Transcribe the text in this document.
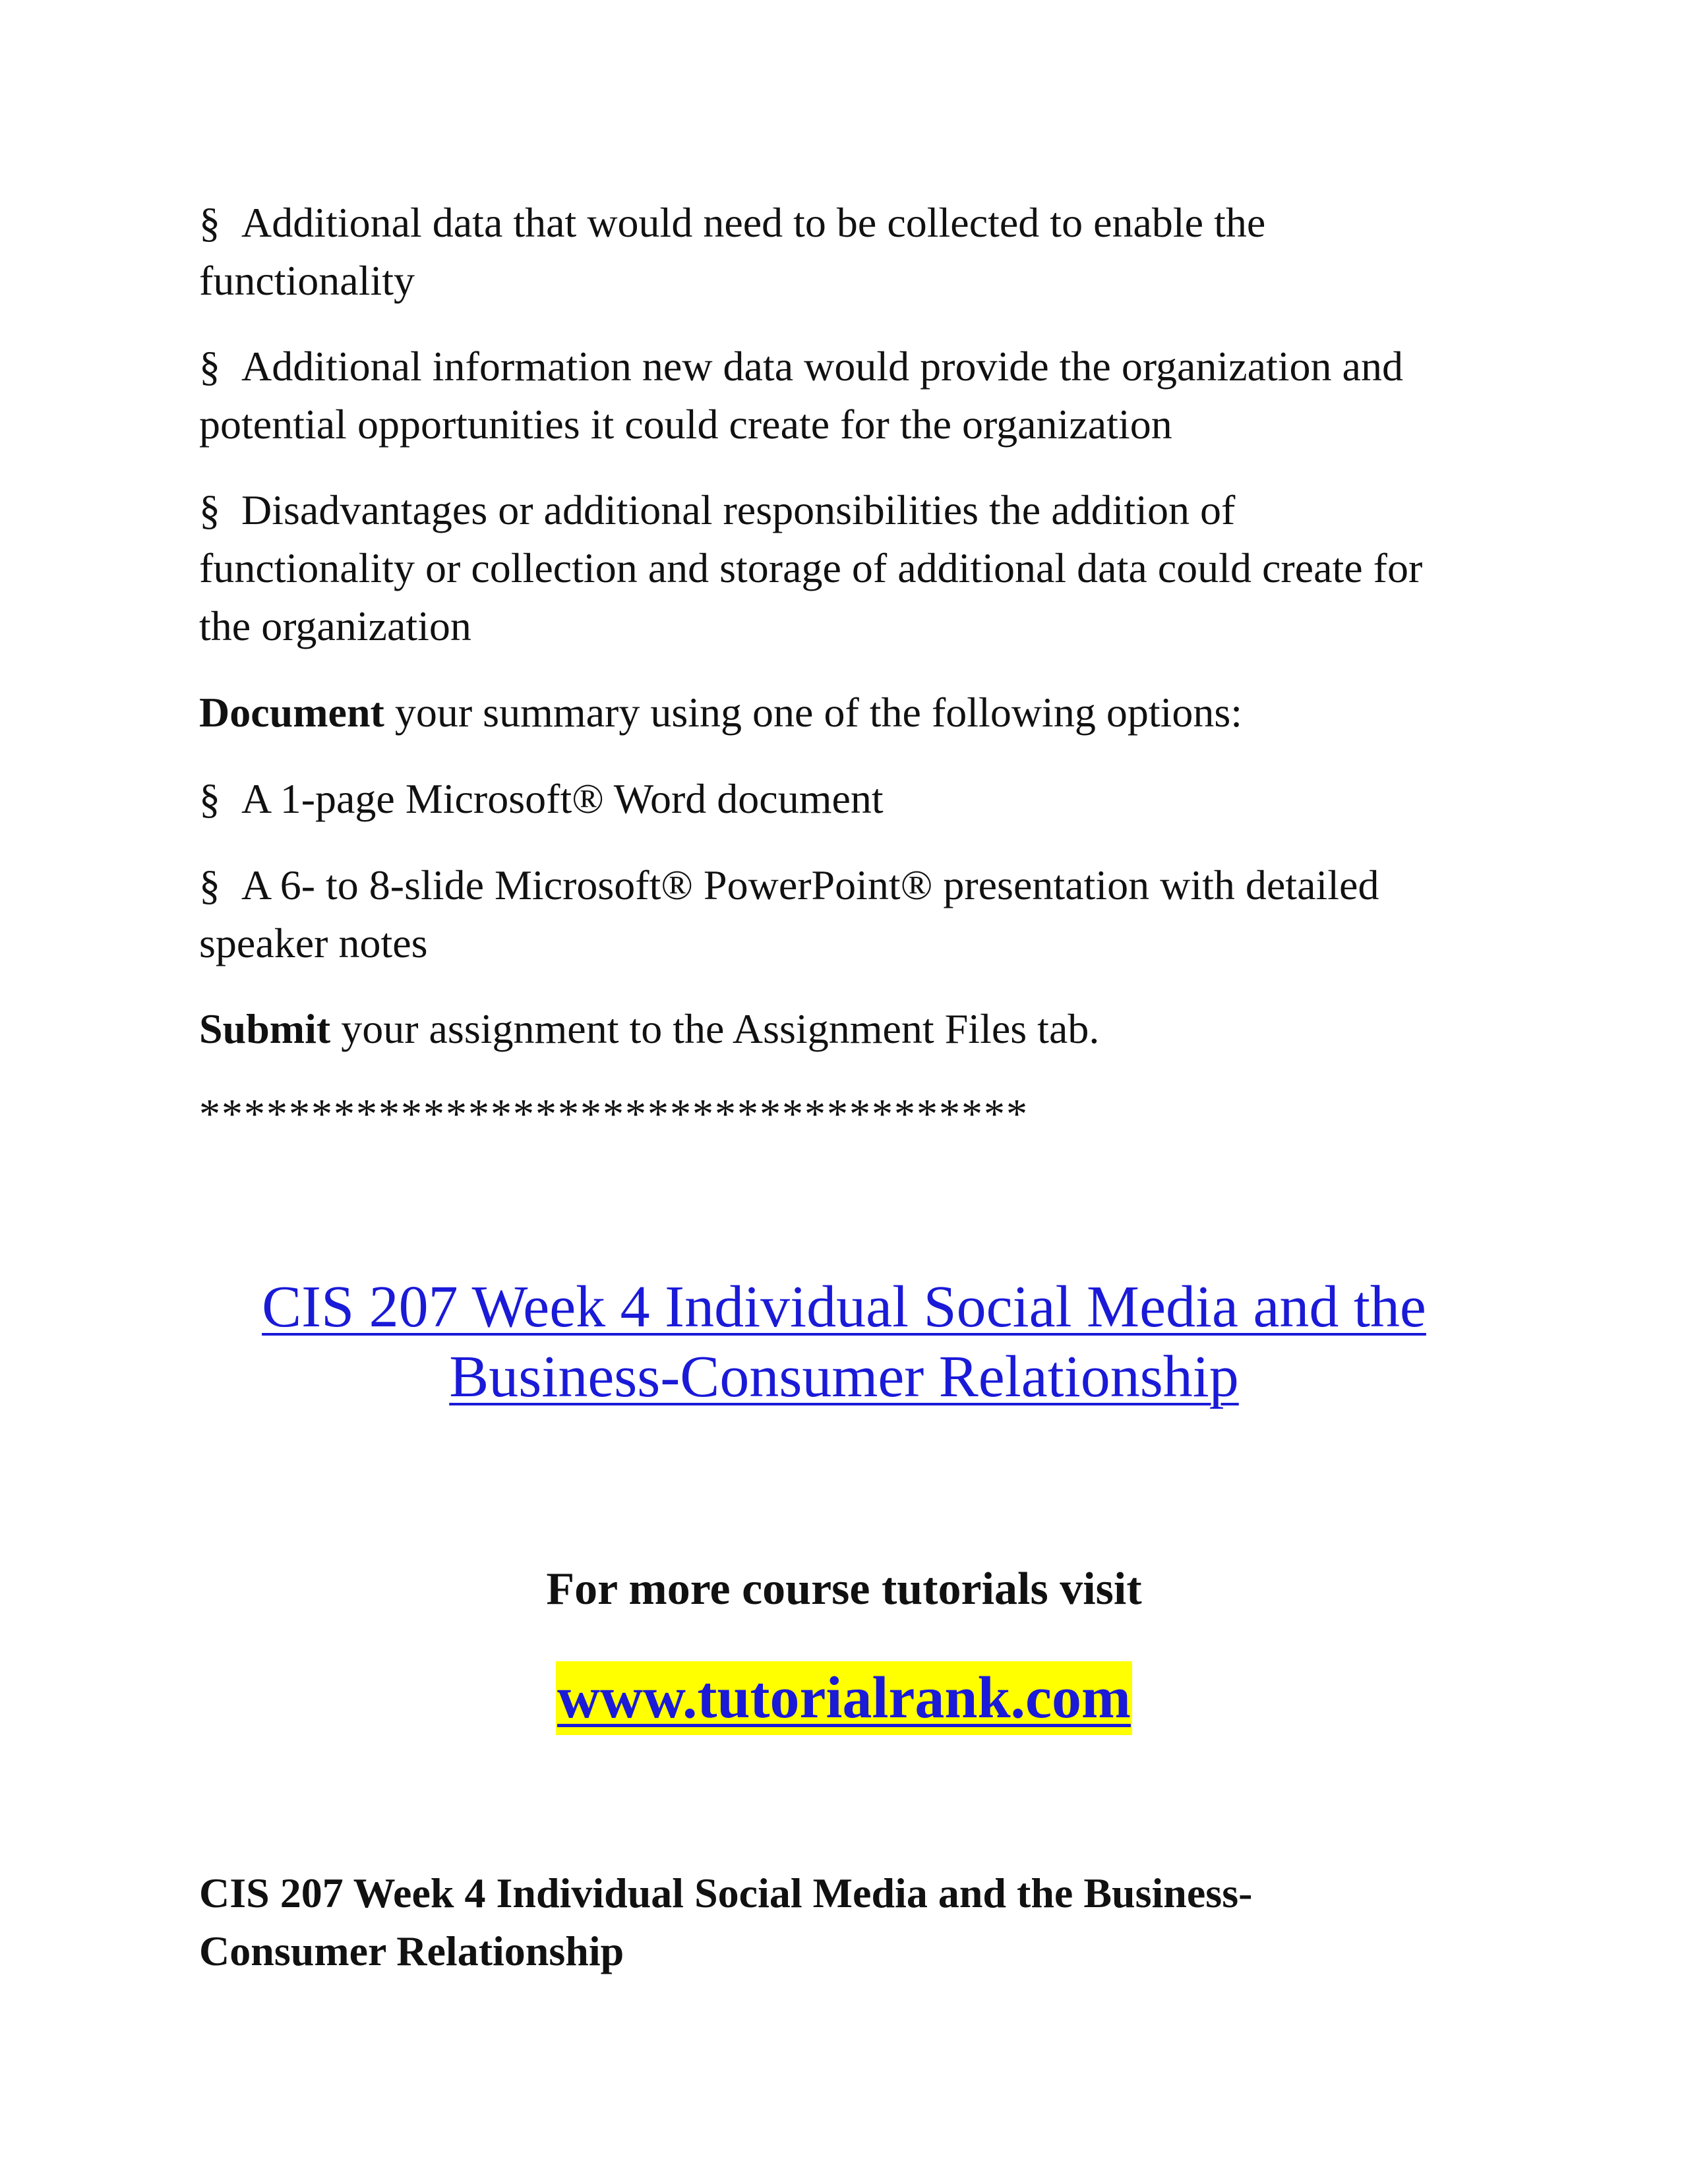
§ Additional data that would need to be collected to enable the
functionality
§ Additional information new data would provide the organization and
potential opportunities it could create for the organization
§ Disadvantages or additional responsibilities the addition of
functionality or collection and storage of additional data could create for
the organization
Document your summary using one of the following options:
§ A 1-page Microsoft® Word document
§ A 6- to 8-slide Microsoft® PowerPoint® presentation with detailed
speaker notes
Submit your assignment to the Assignment Files tab.
*************************************
CIS 207 Week 4 Individual Social Media and the
Business-Consumer Relationship
For more course tutorials visit
www.tutorialrank.com
CIS 207 Week 4 Individual Social Media and the Business-
Consumer Relationship
